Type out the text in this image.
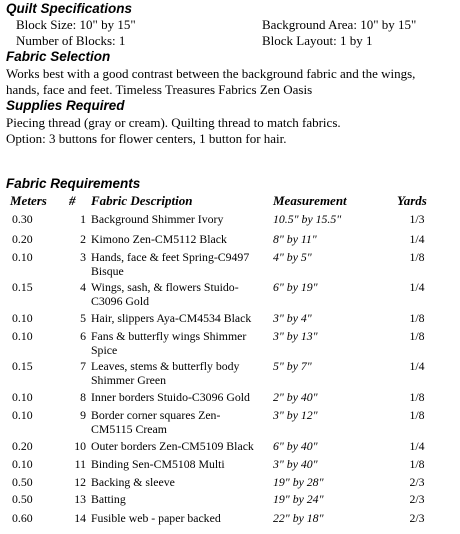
Quilt Specifications
Block Size: 10" by 15"
Number of Blocks: 1
Background Area: 10" by 15"
Block Layout: 1 by 1
Fabric Selection
Works best with a good contrast between the background fabric and the wings,
hands, face and feet. Timeless Treasures Fabrics Zen Oasis
Supplies Required
Piecing thread (gray or cream). Quilting thread to match fabrics.
Option: 3 buttons for flower centers, 1 button for hair.
Fabric Requirements
Meters # Fabric Description	Measurement	Yards
0.30	1 Background Shimmer Ivory	10.5" by 15.5"	1/3
0.20	2 Kimono Zen-CM5112 Black	8" by 11"	1/4
0.10	3 Hands, face & feet Spring-C9497 4" by 5"	1/8
Bisque
0.15	4 Wings, sash, & flowers Stuido-	6" by 19"	1/4
C3096 Gold
0.10	5 Hair, slippers Aya-CM4534 Black 3" by 4"	1/8
0.10	6 Fans & butterfly wings Shimmer 3" by 13"	1/8
Spice
0.15	7 Leaves, stems & butterfly body	5" by 7"	1/4
Shimmer Green
0.10	8 Inner borders Stuido-C3096 Gold 2" by 40"	1/8
0.10	9 Border corner squares Zen-	3" by 12"	1/8
CM5115 Cream
0.20	10 Outer borders Zen-CM5109 Black 6" by 40"	1/4
0.10	11 Binding Sen-CM5108 Multi	3" by 40"	1/8
0.50	12 Backing & sleeve	19" by 28"	2/3
0.50	13 Batting	19" by 24"	2/3
0.60	14 Fusible web - paper backed	22" by 18"	2/3
